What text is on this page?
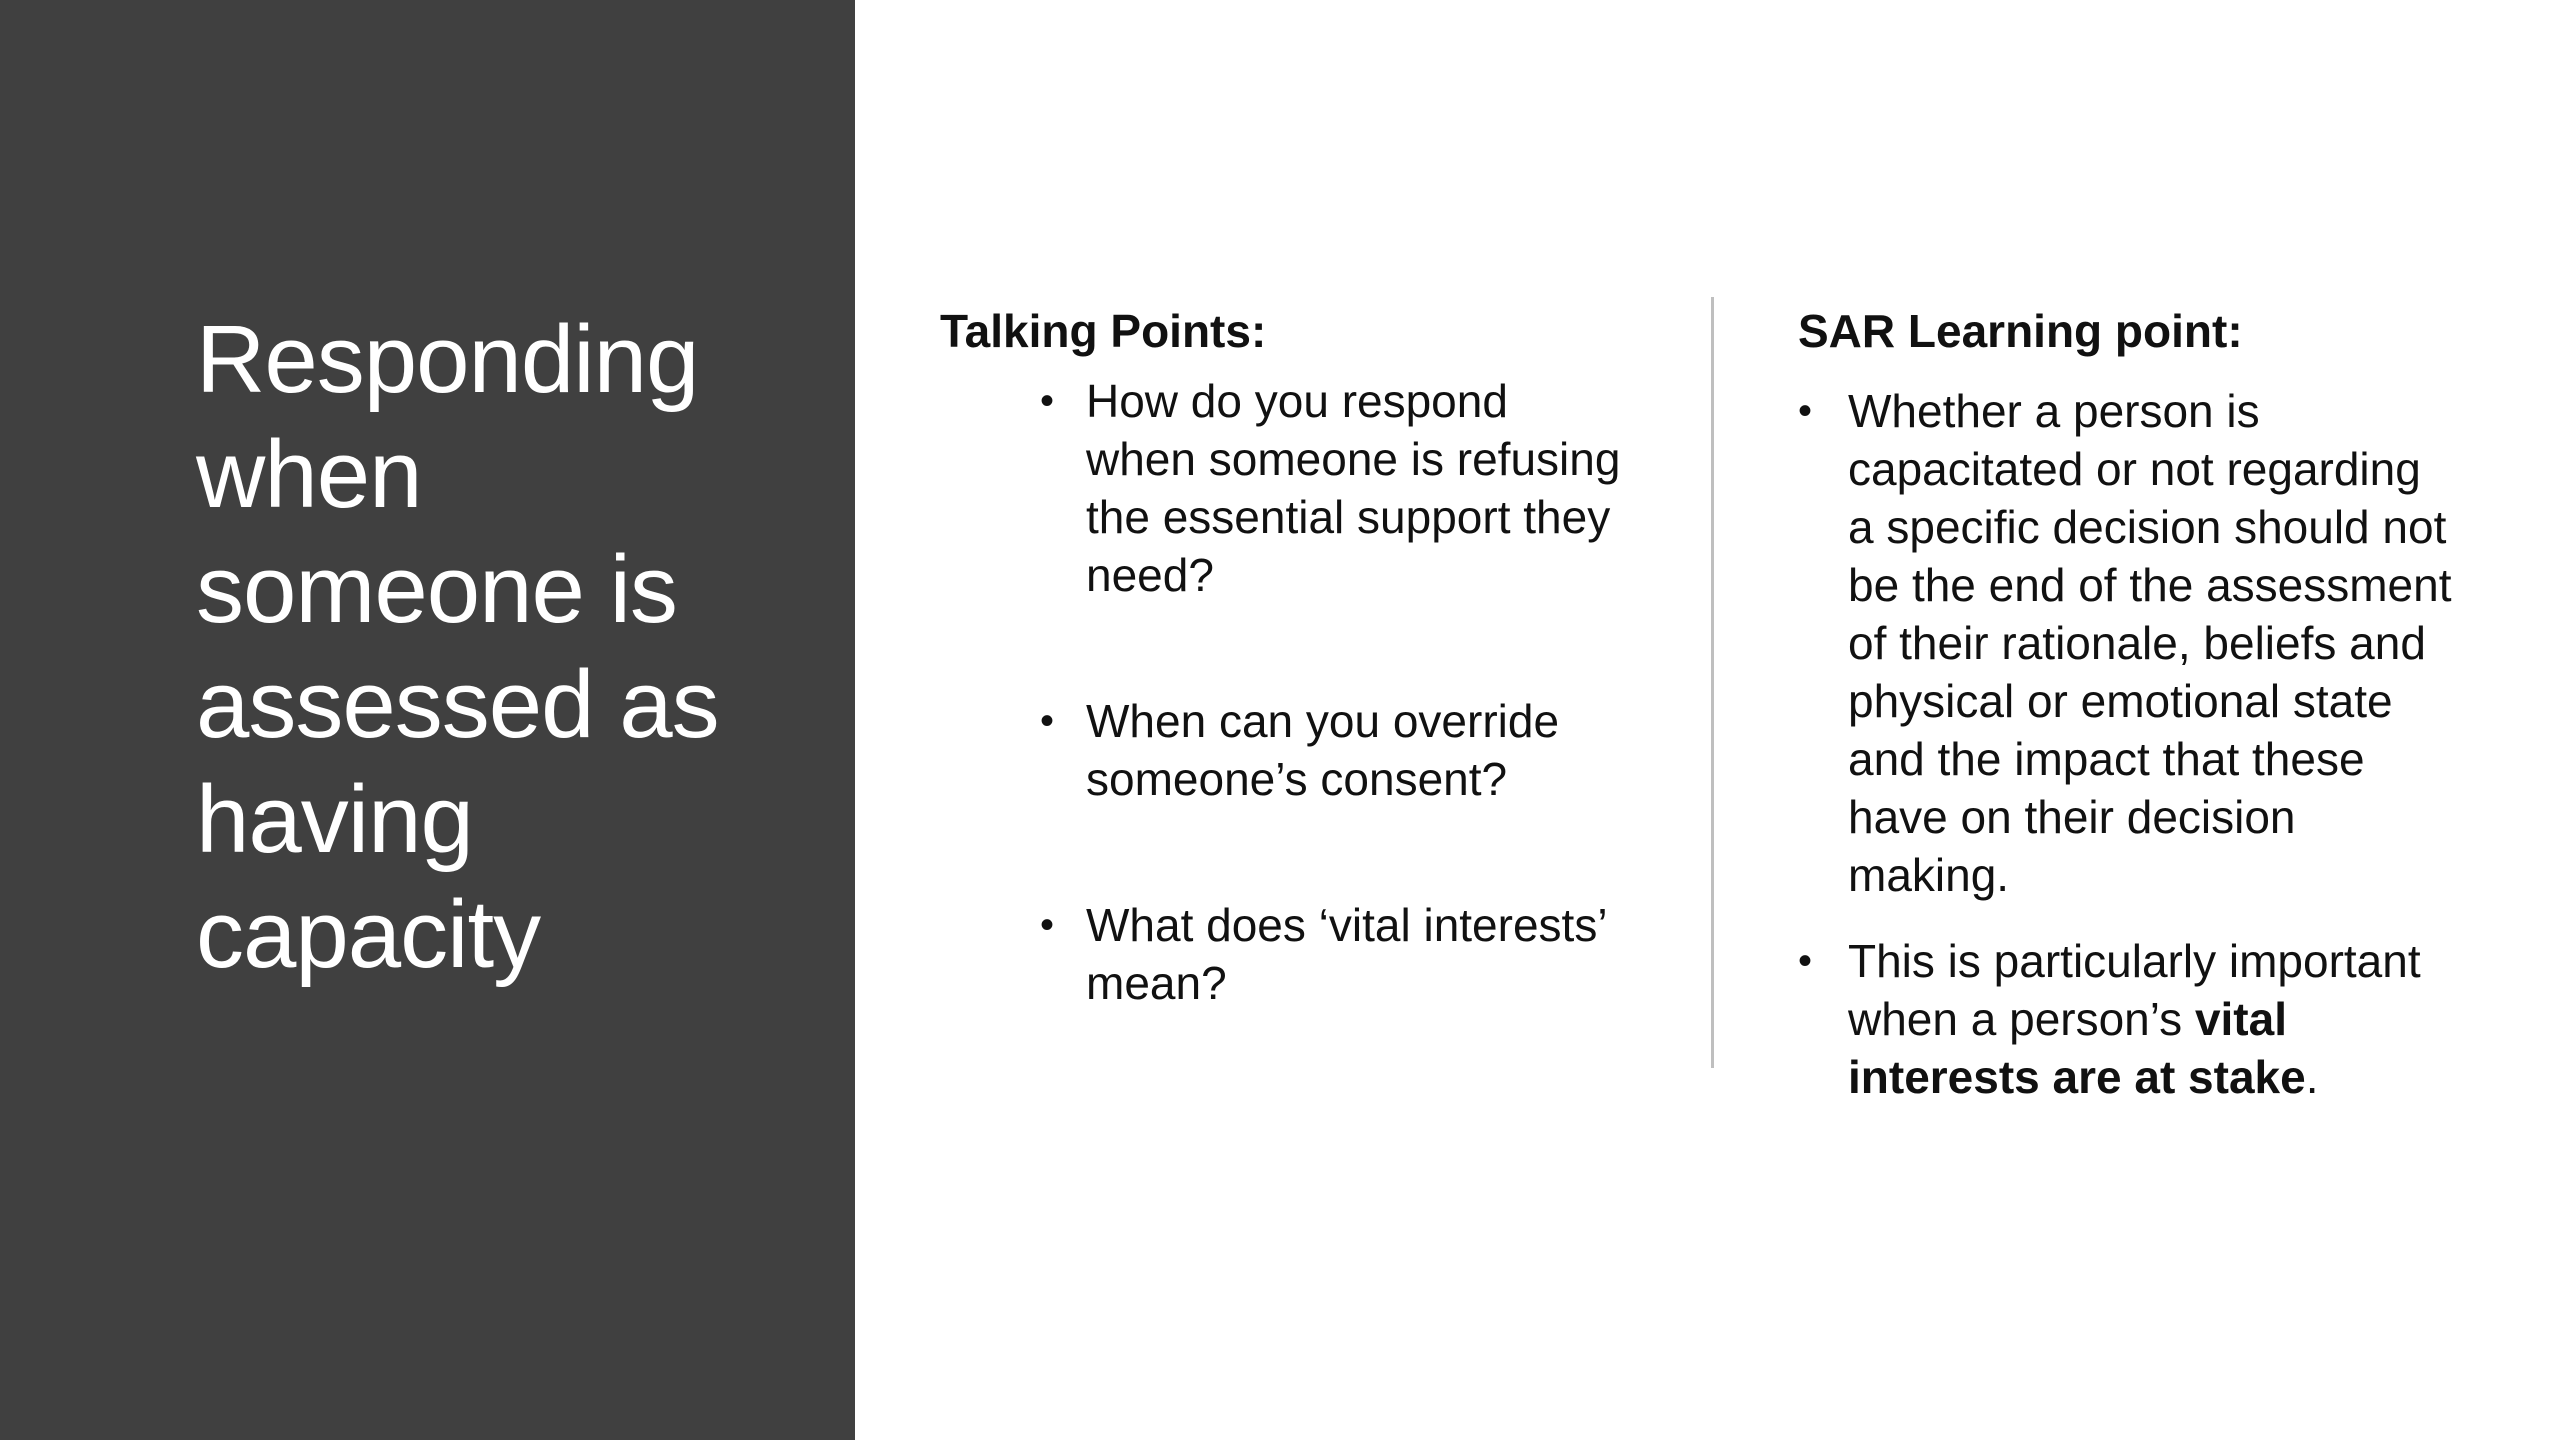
Responding when someone is assessed as having capacity
Talking Points:
• How do you respond when someone is refusing the essential support they need?
• When can you override someone’s consent?
• What does ‘vital interests’ mean?
SAR Learning point:
• Whether a person is capacitated or not regarding a specific decision should not be the end of the assessment of their rationale, beliefs and physical or emotional state and the impact that these have on their decision making.
• This is particularly important when a person’s vital interests are at stake.
